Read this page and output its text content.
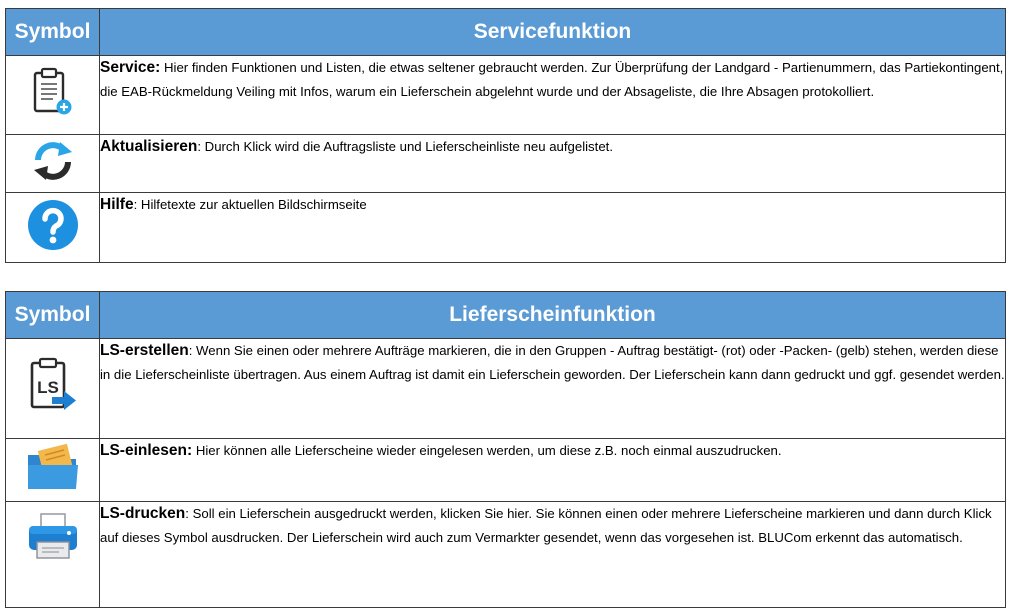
Symbol	Servicefunktion
	Service: Hier finden Funktionen und Listen, die etwas seltener gebraucht werden. Zur Überprüfung der Landgard - Partienummern, das Partiekontingent, die EAB-Rückmeldung Veiling mit Infos, warum ein Lieferschein abgelehnt wurde und der Absageliste, die Ihre Absagen protokolliert.
	Aktualisieren: Durch Klick wird die Auftragsliste und Lieferscheinliste neu aufgelistet.
	Hilfe: Hilfetexte zur aktuellen Bildschirmseite
Symbol	Lieferscheinfunktion

LS	LS-erstellen: Wenn Sie einen oder mehrere Aufträge markieren, die in den Gruppen - Auftrag bestätigt- (rot) oder -Packen- (gelb) stehen, werden diese in die Lieferscheinliste übertragen. Aus einem Auftrag ist damit ein Lieferschein geworden. Der Lieferschein kann dann gedruckt und ggf. gesendet werden.
	LS-einlesen: Hier können alle Lieferscheine wieder eingelesen werden, um diese z.B. noch einmal auszudrucken.
	LS-drucken: Soll ein Lieferschein ausgedruckt werden, klicken Sie hier. Sie können einen oder mehrere Lieferscheine markieren und dann durch Klick auf dieses Symbol ausdrucken. Der Lieferschein wird auch zum Vermarkter gesendet, wenn das vorgesehen ist. BLUCom erkennt das automatisch.
